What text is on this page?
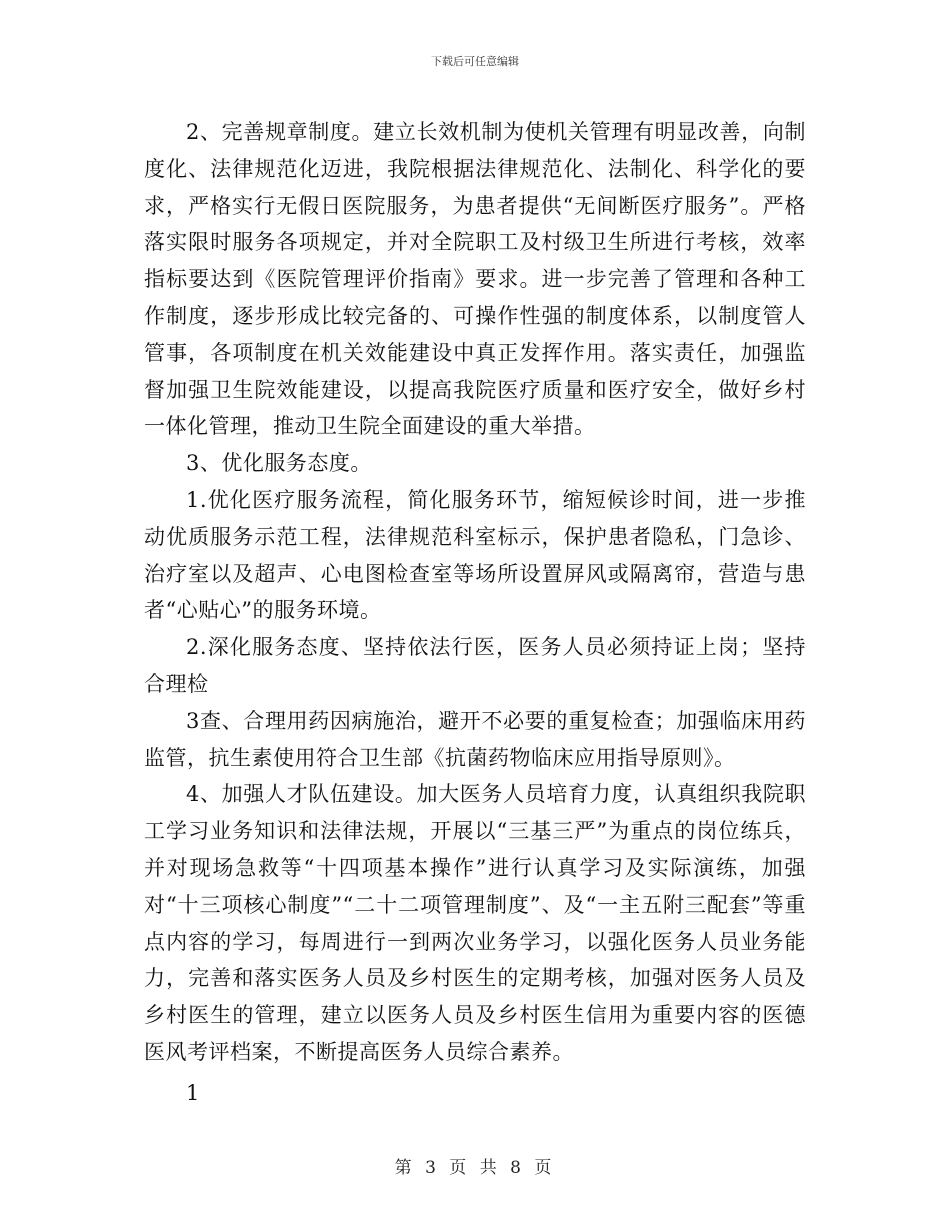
下载后可任意编辑

2、完善规章制度。建立长效机制为使机关管理有明显改善，向制度化、法律规范化迈进，我院根据法律规范化、法制化、科学化的要求，严格实行无假日医院服务，为患者提供“无间断医疗服务”。严格落实限时服务各项规定，并对全院职工及村级卫生所进行考核，效率指标要达到《医院管理评价指南》要求。进一步完善了管理和各种工作制度，逐步形成比较完备的、可操作性强的制度体系，以制度管人管事，各项制度在机关效能建设中真正发挥作用。落实责任，加强监督加强卫生院效能建设，以提高我院医疗质量和医疗安全，做好乡村一体化管理，推动卫生院全面建设的重大举措。

3、优化服务态度。

1.优化医疗服务流程，简化服务环节，缩短候诊时间，进一步推动优质服务示范工程，法律规范科室标示，保护患者隐私，门急诊、治疗室以及超声、心电图检查室等场所设置屏风或隔离帘，营造与患者“心贴心”的服务环境。

2.深化服务态度、坚持依法行医，医务人员必须持证上岗；坚持合理检

3查、合理用药因病施治，避开不必要的重复检查；加强临床用药监管，抗生素使用符合卫生部《抗菌药物临床应用指导原则》。

4、加强人才队伍建设。加大医务人员培育力度，认真组织我院职工学习业务知识和法律法规，开展以“三基三严”为重点的岗位练兵，并对现场急救等“十四项基本操作”进行认真学习及实际演练，加强对“十三项核心制度”“二十二项管理制度”、及“一主五附三配套”等重点内容的学习，每周进行一到两次业务学习，以强化医务人员业务能力，完善和落实医务人员及乡村医生的定期考核，加强对医务人员及乡村医生的管理，建立以医务人员及乡村医生信用为重要内容的医德医风考评档案，不断提高医务人员综合素养。

1
第 3 页 共 8 页
